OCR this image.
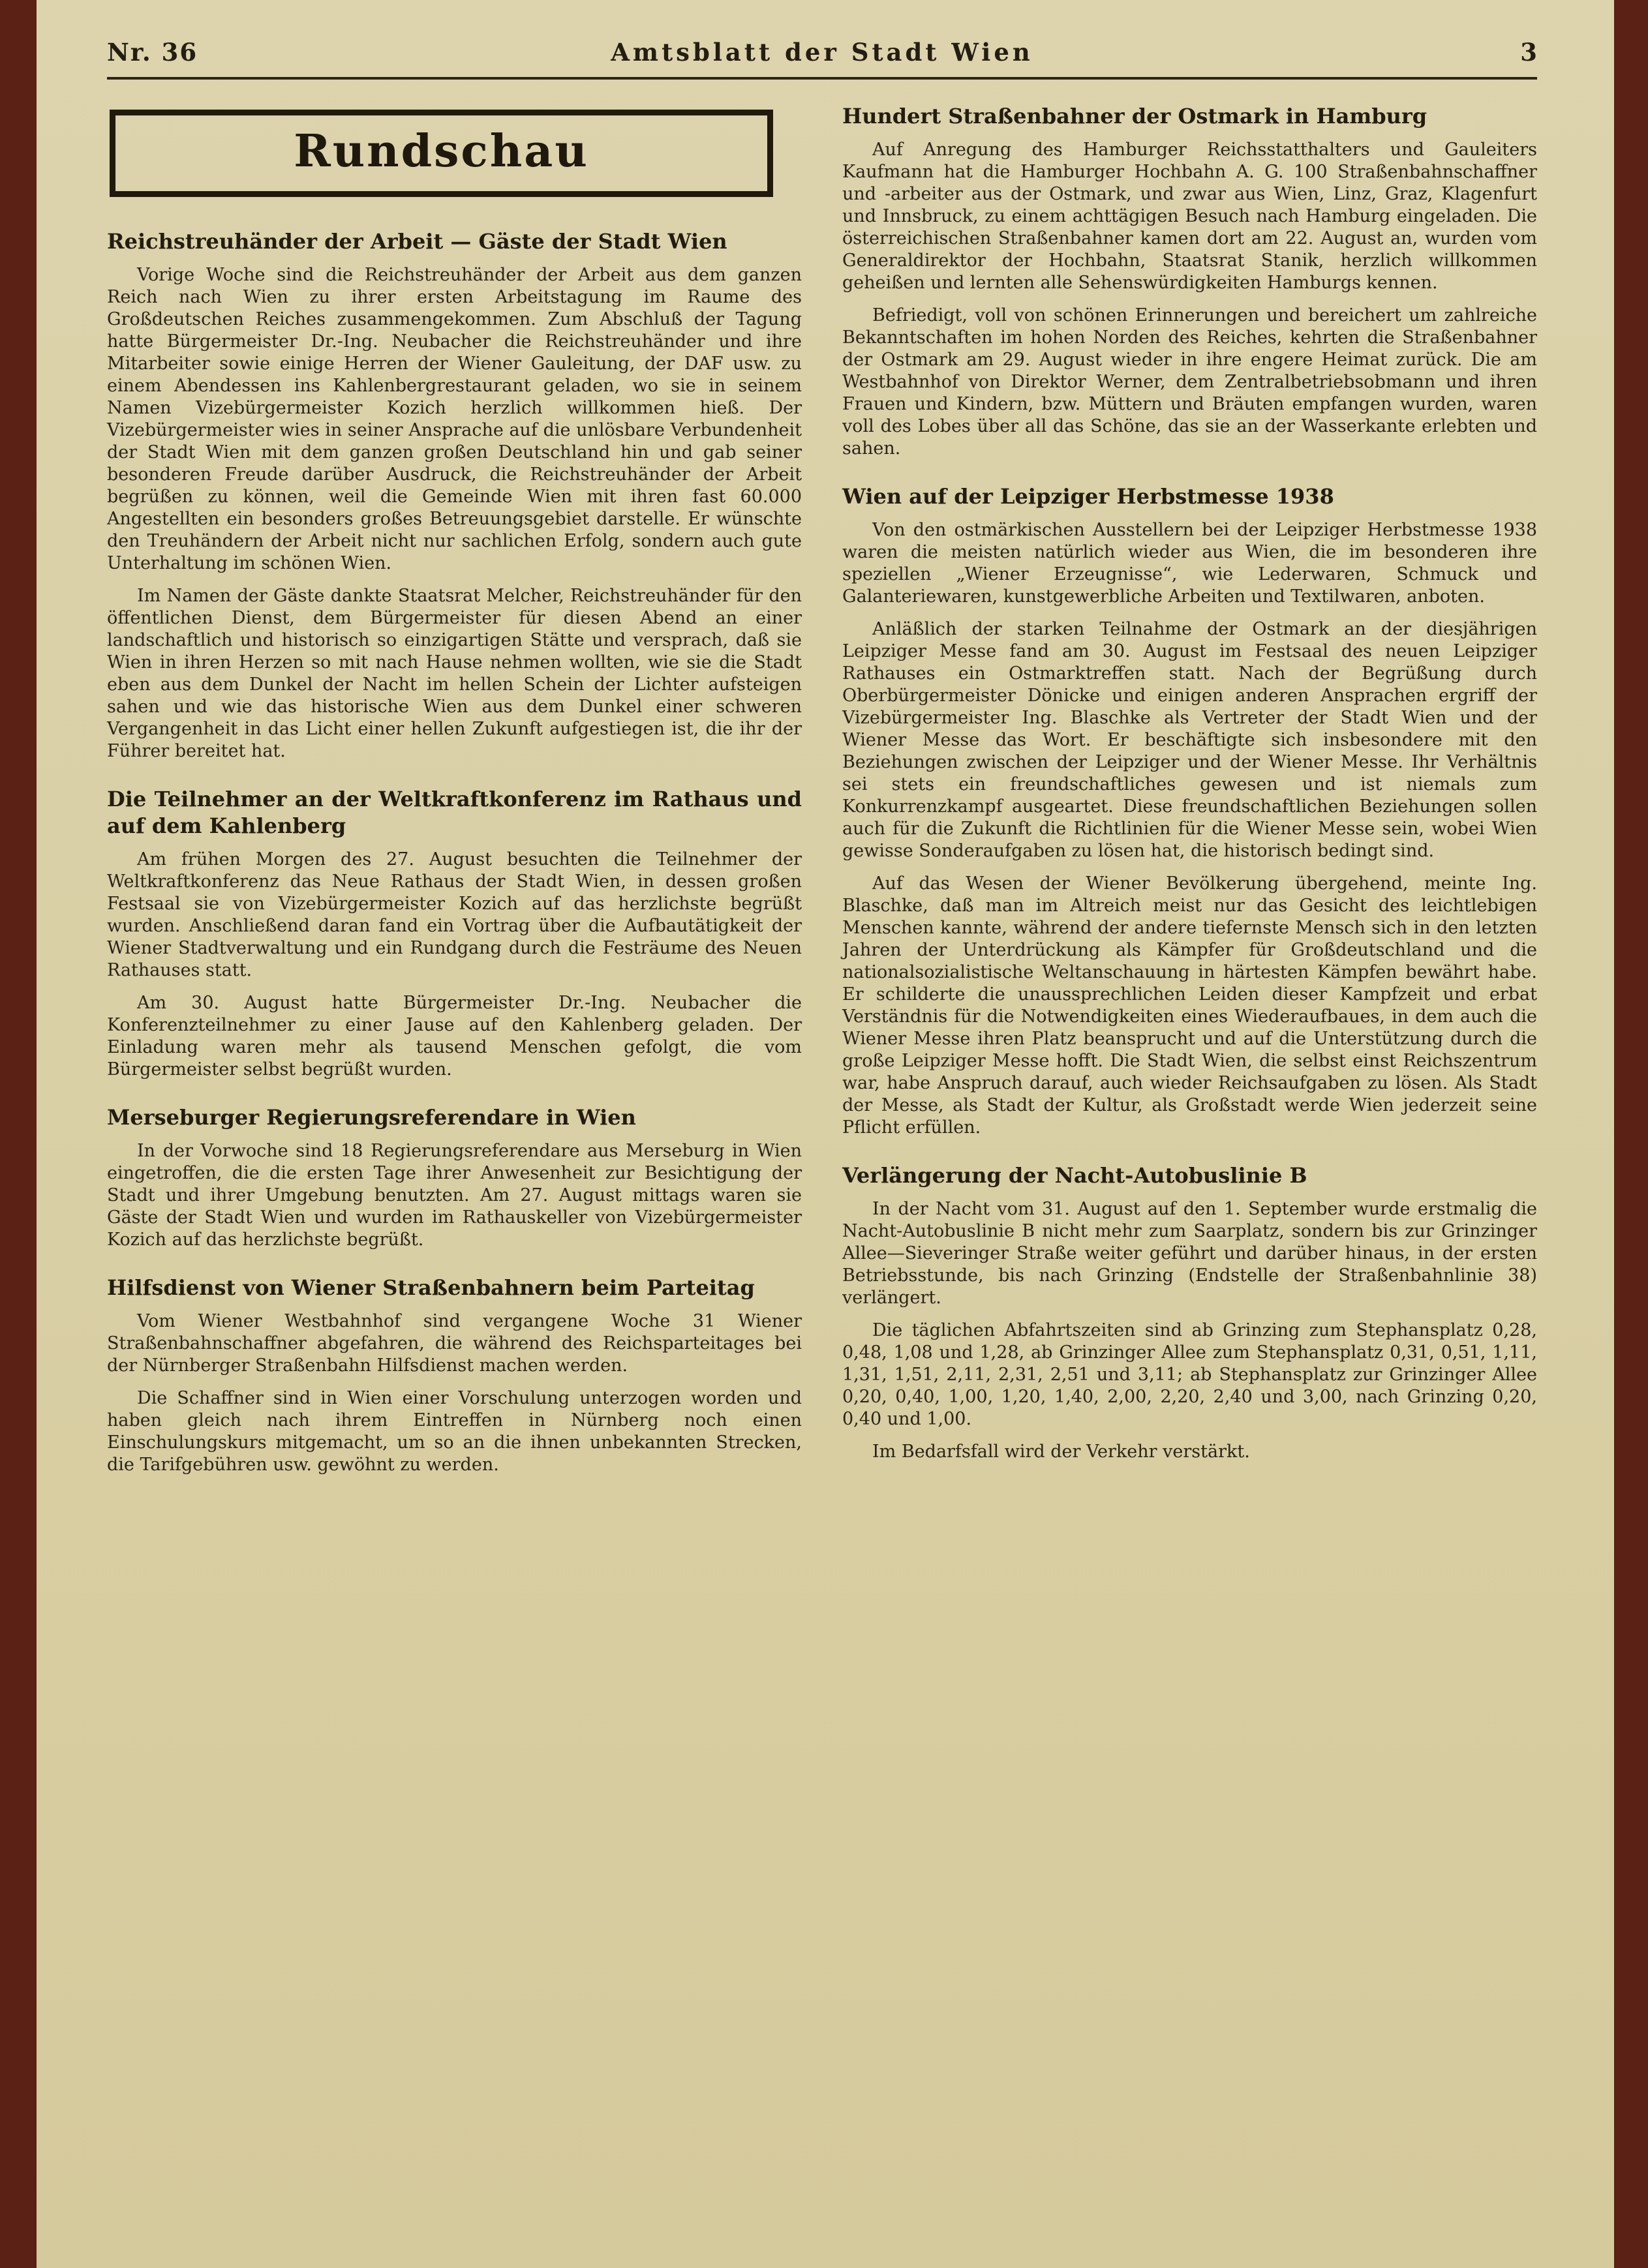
Nr. 36	Amtsblatt der Stadt Wien	3
Rundschau
Reichstreuhänder der Arbeit — Gäste der Stadt Wien

Vorige Woche sind die Reichstreuhänder der Arbeit aus dem ganzen Reich nach Wien zu ihrer ersten Arbeitstagung im Raume des Großdeutschen Reiches zusammengekommen. Zum Abschluß der Tagung hatte Bürgermeister Dr.-Ing. Neubacher die Reichstreuhänder und ihre Mitarbeiter sowie einige Herren der Wiener Gauleitung, der DAF usw. zu einem Abendessen ins Kahlenbergrestaurant geladen, wo sie in seinem Namen Vizebürgermeister Kozich herzlich willkommen hieß. Der Vizebürgermeister wies in seiner Ansprache auf die unlösbare Verbundenheit der Stadt Wien mit dem ganzen großen Deutschland hin und gab seiner besonderen Freude darüber Ausdruck, die Reichstreuhänder der Arbeit begrüßen zu können, weil die Gemeinde Wien mit ihren fast 60.000 Angestellten ein besonders großes Betreuungsgebiet darstelle. Er wünschte den Treuhändern der Arbeit nicht nur sachlichen Erfolg, sondern auch gute Unterhaltung im schönen Wien.

Im Namen der Gäste dankte Staatsrat Melcher, Reichstreuhänder für den öffentlichen Dienst, dem Bürgermeister für diesen Abend an einer landschaftlich und historisch so einzigartigen Stätte und versprach, daß sie Wien in ihren Herzen so mit nach Hause nehmen wollten, wie sie die Stadt eben aus dem Dunkel der Nacht im hellen Schein der Lichter aufsteigen sahen und wie das historische Wien aus dem Dunkel einer schweren Vergangenheit in das Licht einer hellen Zukunft aufgestiegen ist, die ihr der Führer bereitet hat.

Die Teilnehmer an der Weltkraftkonferenz im Rathaus und auf dem Kahlenberg

Am frühen Morgen des 27. August besuchten die Teilnehmer der Weltkraftkonferenz das Neue Rathaus der Stadt Wien, in dessen großen Festsaal sie von Vizebürgermeister Kozich auf das herzlichste begrüßt wurden. Anschließend daran fand ein Vortrag über die Aufbautätigkeit der Wiener Stadtverwaltung und ein Rundgang durch die Festräume des Neuen Rathauses statt.

Am 30. August hatte Bürgermeister Dr.-Ing. Neubacher die Konferenzteilnehmer zu einer Jause auf den Kahlenberg geladen. Der Einladung waren mehr als tausend Menschen gefolgt, die vom Bürgermeister selbst begrüßt wurden.

Merseburger Regierungsreferendare in Wien

In der Vorwoche sind 18 Regierungsreferendare aus Merseburg in Wien eingetroffen, die die ersten Tage ihrer Anwesenheit zur Besichtigung der Stadt und ihrer Umgebung benutzten. Am 27. August mittags waren sie Gäste der Stadt Wien und wurden im Rathauskeller von Vizebürgermeister Kozich auf das herzlichste begrüßt.

Hilfsdienst von Wiener Straßenbahnern beim Parteitag

Vom Wiener Westbahnhof sind vergangene Woche 31 Wiener Straßenbahnschaffner abgefahren, die während des Reichsparteitages bei der Nürnberger Straßenbahn Hilfsdienst machen werden.

Die Schaffner sind in Wien einer Vorschulung unterzogen worden und haben gleich nach ihrem Eintreffen in Nürnberg noch einen Einschulungskurs mitgemacht, um so an die ihnen unbekannten Strecken, die Tarifgebühren usw. gewöhnt zu werden.

Hundert Straßenbahner der Ostmark in Hamburg

Auf Anregung des Hamburger Reichsstatthalters und Gauleiters Kaufmann hat die Hamburger Hochbahn A. G. 100 Straßenbahnschaffner und -arbeiter aus der Ostmark, und zwar aus Wien, Linz, Graz, Klagenfurt und Innsbruck, zu einem achttägigen Besuch nach Hamburg eingeladen. Die österreichischen Straßenbahner kamen dort am 22. August an, wurden vom Generaldirektor der Hochbahn, Staatsrat Stanik, herzlich willkommen geheißen und lernten alle Sehenswürdigkeiten Hamburgs kennen.

Befriedigt, voll von schönen Erinnerungen und bereichert um zahlreiche Bekanntschaften im hohen Norden des Reiches, kehrten die Straßenbahner der Ostmark am 29. August wieder in ihre engere Heimat zurück. Die am Westbahnhof von Direktor Werner, dem Zentralbetriebsobmann und ihren Frauen und Kindern, bzw. Müttern und Bräuten empfangen wurden, waren voll des Lobes über all das Schöne, das sie an der Wasserkante erlebten und sahen.

Wien auf der Leipziger Herbstmesse 1938

Von den ostmärkischen Ausstellern bei der Leipziger Herbstmesse 1938 waren die meisten natürlich wieder aus Wien, die im besonderen ihre speziellen „Wiener Erzeugnisse“, wie Lederwaren, Schmuck und Galanteriewaren, kunstgewerbliche Arbeiten und Textilwaren, anboten.

Anläßlich der starken Teilnahme der Ostmark an der diesjährigen Leipziger Messe fand am 30. August im Festsaal des neuen Leipziger Rathauses ein Ostmarktreffen statt. Nach der Begrüßung durch Oberbürgermeister Dönicke und einigen anderen Ansprachen ergriff der Vizebürgermeister Ing. Blaschke als Vertreter der Stadt Wien und der Wiener Messe das Wort. Er beschäftigte sich insbesondere mit den Beziehungen zwischen der Leipziger und der Wiener Messe. Ihr Verhältnis sei stets ein freundschaftliches gewesen und ist niemals zum Konkurrenzkampf ausgeartet. Diese freundschaftlichen Beziehungen sollen auch für die Zukunft die Richtlinien für die Wiener Messe sein, wobei Wien gewisse Sonderaufgaben zu lösen hat, die historisch bedingt sind.

Auf das Wesen der Wiener Bevölkerung übergehend, meinte Ing. Blaschke, daß man im Altreich meist nur das Gesicht des leichtlebigen Menschen kannte, während der andere tiefernste Mensch sich in den letzten Jahren der Unterdrückung als Kämpfer für Großdeutschland und die nationalsozialistische Weltanschauung in härtesten Kämpfen bewährt habe. Er schilderte die unaussprechlichen Leiden dieser Kampfzeit und erbat Verständnis für die Notwendigkeiten eines Wiederaufbaues, in dem auch die Wiener Messe ihren Platz beansprucht und auf die Unterstützung durch die große Leipziger Messe hofft. Die Stadt Wien, die selbst einst Reichszentrum war, habe Anspruch darauf, auch wieder Reichsaufgaben zu lösen. Als Stadt der Messe, als Stadt der Kultur, als Großstadt werde Wien jederzeit seine Pflicht erfüllen.

Verlängerung der Nacht-Autobuslinie B

In der Nacht vom 31. August auf den 1. September wurde erstmalig die Nacht-Autobuslinie B nicht mehr zum Saarplatz, sondern bis zur Grinzinger Allee—Sieveringer Straße weiter geführt und darüber hinaus, in der ersten Betriebsstunde, bis nach Grinzing (Endstelle der Straßenbahnlinie 38) verlängert.

Die täglichen Abfahrtszeiten sind ab Grinzing zum Stephansplatz 0,28, 0,48, 1,08 und 1,28, ab Grinzinger Allee zum Stephansplatz 0,31, 0,51, 1,11, 1,31, 1,51, 2,11, 2,31, 2,51 und 3,11; ab Stephansplatz zur Grinzinger Allee 0,20, 0,40, 1,00, 1,20, 1,40, 2,00, 2,20, 2,40 und 3,00, nach Grinzing 0,20, 0,40 und 1,00.

Im Bedarfsfall wird der Verkehr verstärkt.
